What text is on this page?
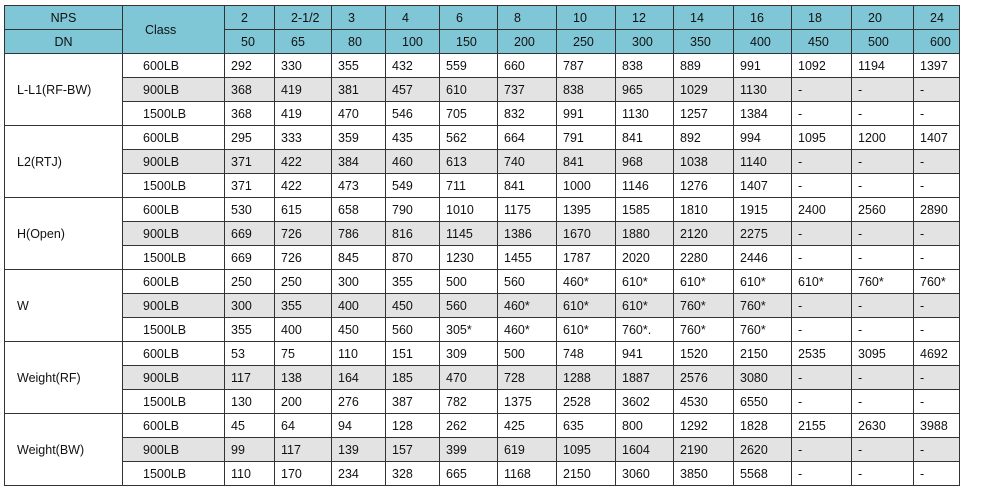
NPS	Class	2	2-1/2	3	4	6	8	10	12	14	16	18	20	24
DN		50	65	80	100	150	200	250	300	350	400	450	500	600
L-L1(RF-BW)	600LB	292	330	355	432	559	660	787	838	889	991	1092	1194	1397
	900LB	368	419	381	457	610	737	838	965	1029	1130	-	-	-
	1500LB	368	419	470	546	705	832	991	1130	1257	1384	-	-	-
L2(RTJ)	600LB	295	333	359	435	562	664	791	841	892	994	1095	1200	1407
	900LB	371	422	384	460	613	740	841	968	1038	1140	-	-	-
	1500LB	371	422	473	549	711	841	1000	1146	1276	1407	-	-	-
H(Open)	600LB	530	615	658	790	1010	1175	1395	1585	1810	1915	2400	2560	2890
	900LB	669	726	786	816	1145	1386	1670	1880	2120	2275	-	-	-
	1500LB	669	726	845	870	1230	1455	1787	2020	2280	2446	-	-	-
W	600LB	250	250	300	355	500	560	460*	610*	610*	610*	610*	760*	760*
	900LB	300	355	400	450	560	460*	610*	610*	760*	760*	-	-	-
	1500LB	355	400	450	560	305*	460*	610*	760*.	760*	760*	-	-	-
Weight(RF)	600LB	53	75	110	151	309	500	748	941	1520	2150	2535	3095	4692
	900LB	117	138	164	185	470	728	1288	1887	2576	3080	-	-	-
	1500LB	130	200	276	387	782	1375	2528	3602	4530	6550	-	-	-
Weight(BW)	600LB	45	64	94	128	262	425	635	800	1292	1828	2155	2630	3988
	900LB	99	117	139	157	399	619	1095	1604	2190	2620	-	-	-
	1500LB	110	170	234	328	665	1168	2150	3060	3850	5568	-	-	-
